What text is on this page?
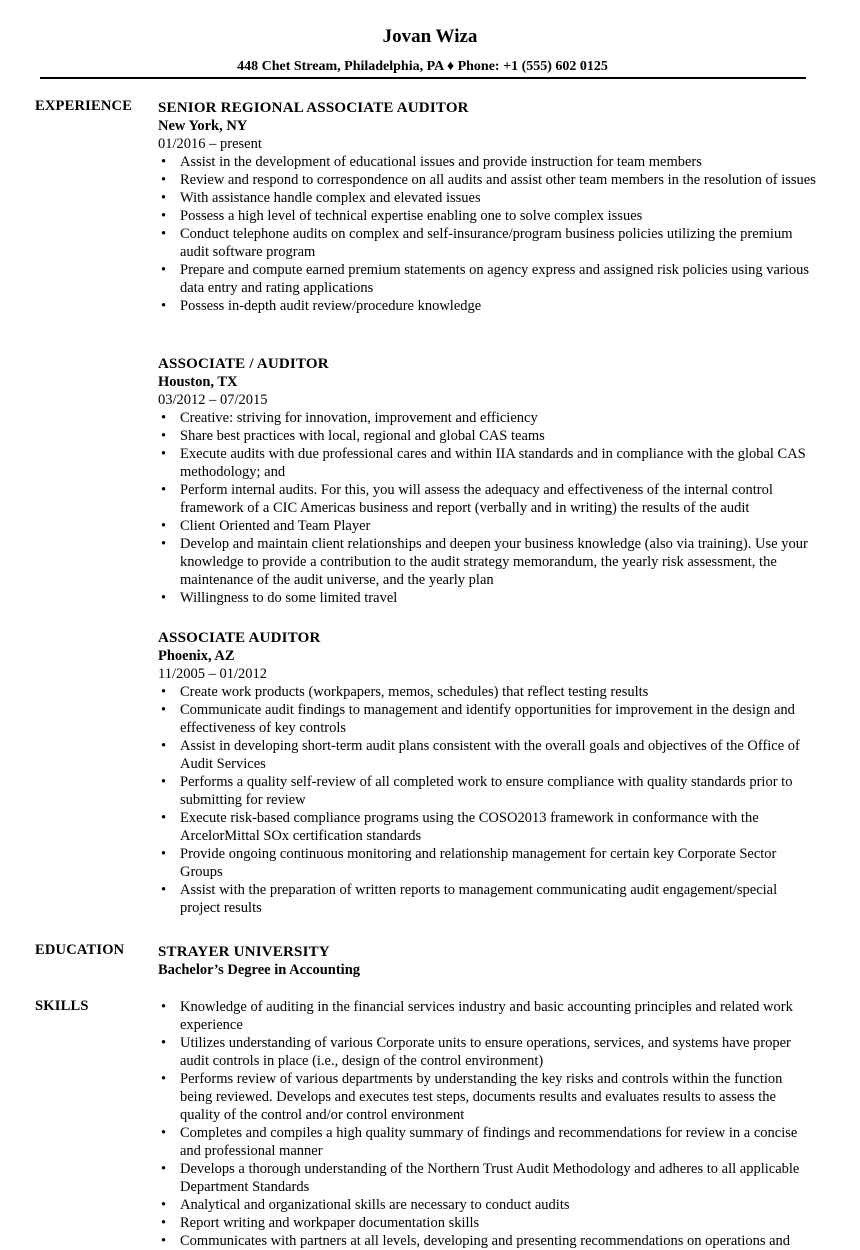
Jovan Wiza
448 Chet Stream, Philadelphia, PA ♦ Phone: +1 (555) 602 0125
EXPERIENCE SENIOR REGIONAL ASSOCIATE AUDITOR
New York, NY
01/2016 – present
• Assist in the development of educational issues and provide instruction for team members
• Review and respond to correspondence on all audits and assist other team members in the resolution of issues
• With assistance handle complex and elevated issues
• Possess a high level of technical expertise enabling one to solve complex issues
• Conduct telephone audits on complex and self-insurance/program business policies utilizing the premium audit software program
• Prepare and compute earned premium statements on agency express and assigned risk policies using various data entry and rating applications
• Possess in-depth audit review/procedure knowledge
ASSOCIATE / AUDITOR
Houston, TX
03/2012 – 07/2015
• Creative: striving for innovation, improvement and efficiency
• Share best practices with local, regional and global CAS teams
• Execute audits with due professional cares and within IIA standards and in compliance with the global CAS methodology; and
• Perform internal audits. For this, you will assess the adequacy and effectiveness of the internal control framework of a CIC Americas business and report (verbally and in writing) the results of the audit
• Client Oriented and Team Player
• Develop and maintain client relationships and deepen your business knowledge (also via training). Use your knowledge to provide a contribution to the audit strategy memorandum, the yearly risk assessment, the maintenance of the audit universe, and the yearly plan
• Willingness to do some limited travel
ASSOCIATE AUDITOR
Phoenix, AZ
11/2005 – 01/2012
• Create work products (workpapers, memos, schedules) that reflect testing results
• Communicate audit findings to management and identify opportunities for improvement in the design and effectiveness of key controls
• Assist in developing short-term audit plans consistent with the overall goals and objectives of the Office of Audit Services
• Performs a quality self-review of all completed work to ensure compliance with quality standards prior to submitting for review
• Execute risk-based compliance programs using the COSO2013 framework in conformance with the ArcelorMittal SOx certification standards
• Provide ongoing continuous monitoring and relationship management for certain key Corporate Sector Groups
• Assist with the preparation of written reports to management communicating audit engagement/special project results
EDUCATION STRAYER UNIVERSITY
Bachelor’s Degree in Accounting
SKILLS
•	Knowledge of auditing in the financial services industry and basic accounting principles and related work experience
• Utilizes understanding of various Corporate units to ensure operations, services, and systems have proper audit controls in place (i.e., design of the control environment)
• Performs review of various departments by understanding the key risks and controls within the function being reviewed. Develops and executes test steps, documents results and evaluates results to assess the quality of the control and/or control environment
• Completes and compiles a high quality summary of findings and recommendations for review in a concise and professional manner
• Develops a thorough understanding of the Northern Trust Audit Methodology and adheres to all applicable Department Standards
• Analytical and organizational skills are necessary to conduct audits
• Report writing and workpaper documentation skills
• Communicates with partners at all levels, developing and presenting recommendations on operations and
